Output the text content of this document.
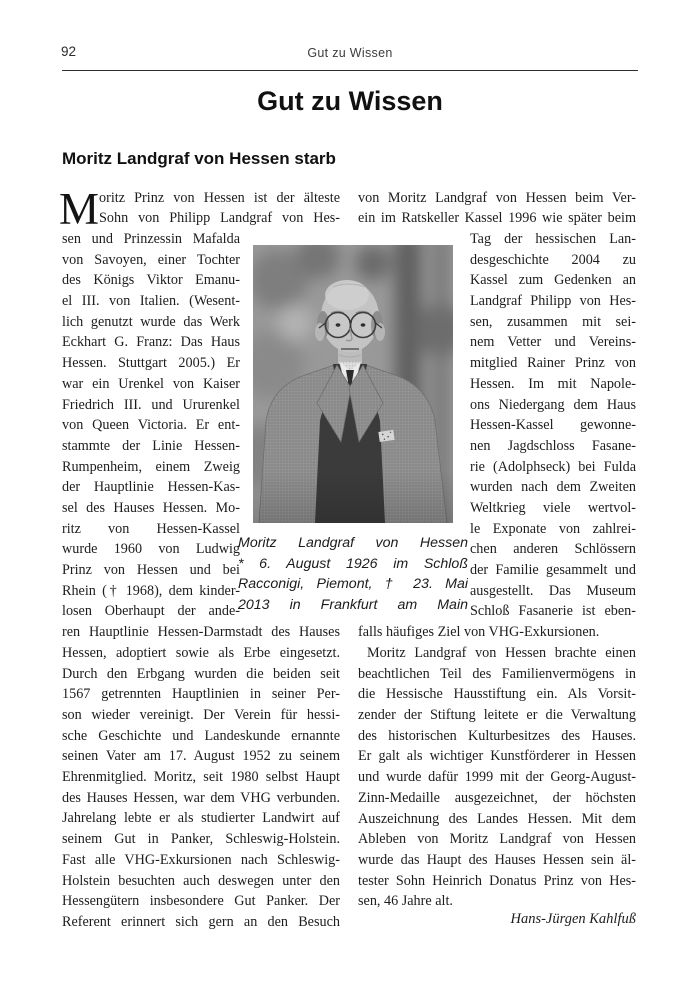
92	Gut zu Wissen
Gut zu Wissen
Moritz Landgraf von Hessen starb
M oritz Prinz von Hessen ist der älteste
Sohn von Philipp Landgraf von Hes-
sen und Prinzessin Mafalda
von Savoyen, einer Tochter
des Königs Viktor Emanu-
el III. von Italien. (Wesent-
lich genutzt wurde das Werk
Eckhart G. Franz: Das Haus
Hessen. Stuttgart 2005.) Er
war ein Urenkel von Kaiser
Friedrich III. und Ururenkel
von Queen Victoria. Er ent-
stammte der Linie Hessen-
Rumpenheim, einem Zweig
der Hauptlinie Hessen-Kas-
sel des Hauses Hessen. Mo-
ritz von Hessen-Kassel
wurde 1960 von Ludwig
Prinz von Hessen und bei
Rhein († 1968), dem kinder-
losen Oberhaupt der ande-
ren Hauptlinie Hessen-Darmstadt des Hauses
Hessen, adoptiert sowie als Erbe eingesetzt.
Durch den Erbgang wurden die beiden seit
1567 getrennten Hauptlinien in seiner Per-
son wieder vereinigt. Der Verein für hessi-
sche Geschichte und Landeskunde ernannte
seinen Vater am 17. August 1952 zu seinem
Ehrenmitglied. Moritz, seit 1980 selbst Haupt
des Hauses Hessen, war dem VHG verbunden.
Jahrelang lebte er als studierter Landwirt auf
seinem Gut in Panker, Schleswig-Holstein.
Fast alle VHG-Exkursionen nach Schleswig-
Holstein besuchten auch deswegen unter den
Hessengütern insbesondere Gut Panker. Der
Referent erinnert sich gern an den Besuch
von Moritz Landgraf von Hessen beim Ver-
ein im Ratskeller Kassel 1996 wie später beim
Tag der hessischen Lan-
desgeschichte 2004 zu
Kassel zum Gedenken an
Landgraf Philipp von Hes-
sen, zusammen mit sei-
nem Vetter und Vereins-
mitglied Rainer Prinz von
Hessen. Im mit Napole-
ons Niedergang dem Haus
Hessen-Kassel gewonne-
nen Jagdschloss Fasane-
rie (Adolphseck) bei Fulda
wurden nach dem Zweiten
Weltkrieg viele wertvol-
le Exponate von zahlrei-
chen anderen Schlössern
der Familie gesammelt und
ausgestellt. Das Museum
Schloß Fasanerie ist eben-
falls häufiges Ziel von VHG-Exkursionen.
Moritz Landgraf von Hessen brachte einen
beachtlichen Teil des Familienvermögens in
die Hessische Hausstiftung ein. Als Vorsit-
zender der Stiftung leitete er die Verwaltung
des historischen Kulturbesitzes des Hauses.
Er galt als wichtiger Kunstförderer in Hessen
und wurde dafür 1999 mit der Georg-August-
Zinn-Medaille ausgezeichnet, der höchsten
Auszeichnung des Landes Hessen. Mit dem
Ableben von Moritz Landgraf von Hessen
wurde das Haupt des Hauses Hessen sein äl-
tester Sohn Heinrich Donatus Prinz von Hes-
sen, 46 Jahre alt.
Hans-Jürgen Kahlfuß
Moritz Landgraf von Hessen
* 6. August 1926 im Schloß
Racconigi, Piemont, † 23. Mai
2013 in Frankfurt am Main
